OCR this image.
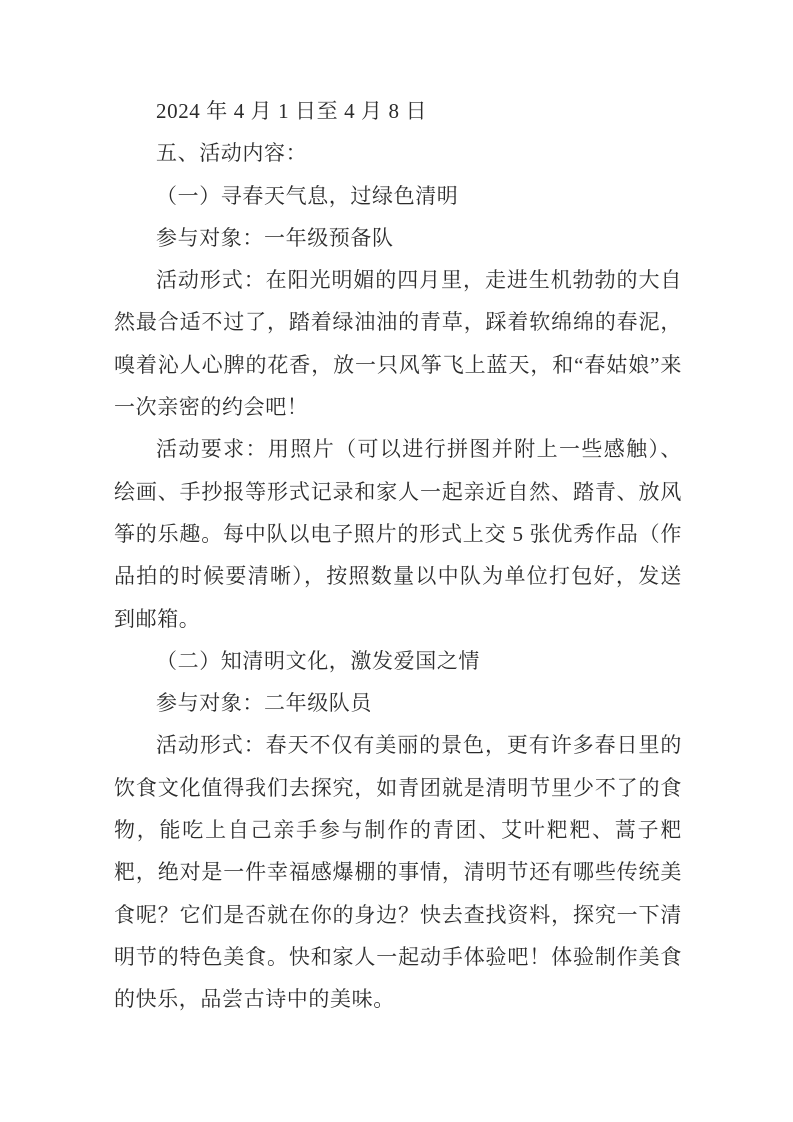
2024 年 4 月 1 日至 4 月 8 日

五、活动内容：

（一）寻春天气息，过绿色清明

参与对象：一年级预备队

活动形式：在阳光明媚的四月里，走进生机勃勃的大自然最合适不过了，踏着绿油油的青草，踩着软绵绵的春泥，嗅着沁人心脾的花香，放一只风筝飞上蓝天，和“春姑娘”来一次亲密的约会吧！

活动要求：用照片（可以进行拼图并附上一些感触）、绘画、手抄报等形式记录和家人一起亲近自然、踏青、放风筝的乐趣。每中队以电子照片的形式上交 5 张优秀作品（作品拍的时候要清晰），按照数量以中队为单位打包好，发送到邮箱。

（二）知清明文化，激发爱国之情

参与对象：二年级队员

活动形式：春天不仅有美丽的景色，更有许多春日里的饮食文化值得我们去探究，如青团就是清明节里少不了的食物，能吃上自己亲手参与制作的青团、艾叶粑粑、蒿子粑粑，绝对是一件幸福感爆棚的事情，清明节还有哪些传统美食呢？它们是否就在你的身边？快去查找资料，探究一下清明节的特色美食。快和家人一起动手体验吧！体验制作美食的快乐，品尝古诗中的美味。
